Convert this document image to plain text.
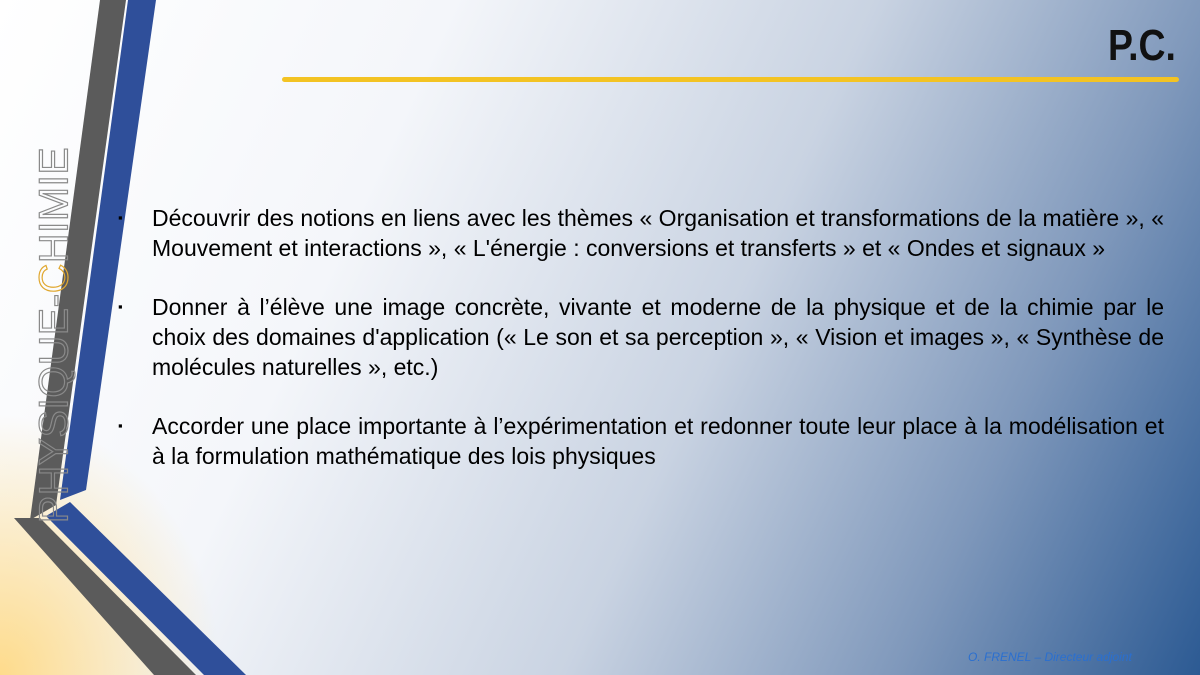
PHYSIQUE-CHIMIE
P.C.
▪	Découvrir des notions en liens avec les thèmes « Organisation et transformations de la matière », « Mouvement et interactions », « L'énergie : conversions et transferts » et « Ondes et signaux »
▪	Donner à l’élève une image concrète, vivante et moderne de la physique et de la chimie par le choix des domaines d'application (« Le son et sa perception », « Vision et images », « Synthèse de molécules naturelles », etc.)
▪	Accorder une place importante à l’expérimentation et redonner toute leur place à la modélisation et à la formulation mathématique des lois physiques
O. FRENEL – Directeur adjoint
